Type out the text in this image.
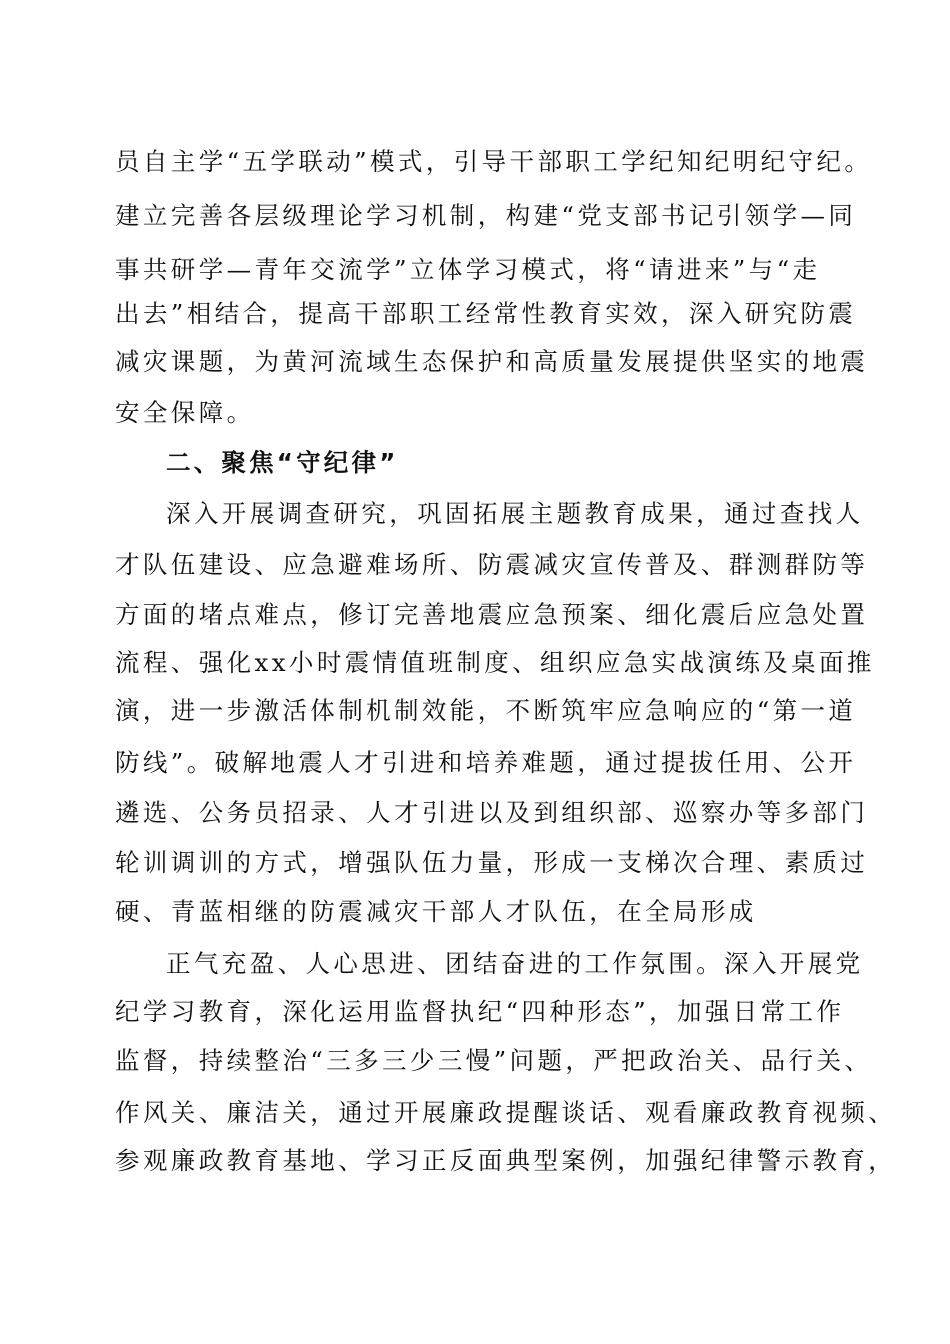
员自主学“五学联动”模式，引导干部职工学纪知纪明纪守纪。
建立完善各层级理论学习机制，构建“党支部书记引领学—同
事共研学—青年交流学”立体学习模式，将“请进来”与“走
出去”相结合，提高干部职工经常性教育实效，深入研究防震
减灾课题，为黄河流域生态保护和高质量发展提供坚实的地震
安全保障。
二、聚焦“守纪律”
深入开展调查研究，巩固拓展主题教育成果，通过查找人
才队伍建设、应急避难场所、防震减灾宣传普及、群测群防等
方面的堵点难点，修订完善地震应急预案、细化震后应急处置
流程、强化xx小时震情值班制度、组织应急实战演练及桌面推
演，进一步激活体制机制效能，不断筑牢应急响应的“第一道
防线”。破解地震人才引进和培养难题，通过提拔任用、公开
遴选、公务员招录、人才引进以及到组织部、巡察办等多部门
轮训调训的方式，增强队伍力量，形成一支梯次合理、素质过
硬、青蓝相继的防震减灾干部人才队伍，在全局形成
正气充盈、人心思进、团结奋进的工作氛围。深入开展党
纪学习教育，深化运用监督执纪“四种形态”，加强日常工作
监督，持续整治“三多三少三慢”问题，严把政治关、品行关、
作风关、廉洁关，通过开展廉政提醒谈话、观看廉政教育视频、
参观廉政教育基地、学习正反面典型案例，加强纪律警示教育，
